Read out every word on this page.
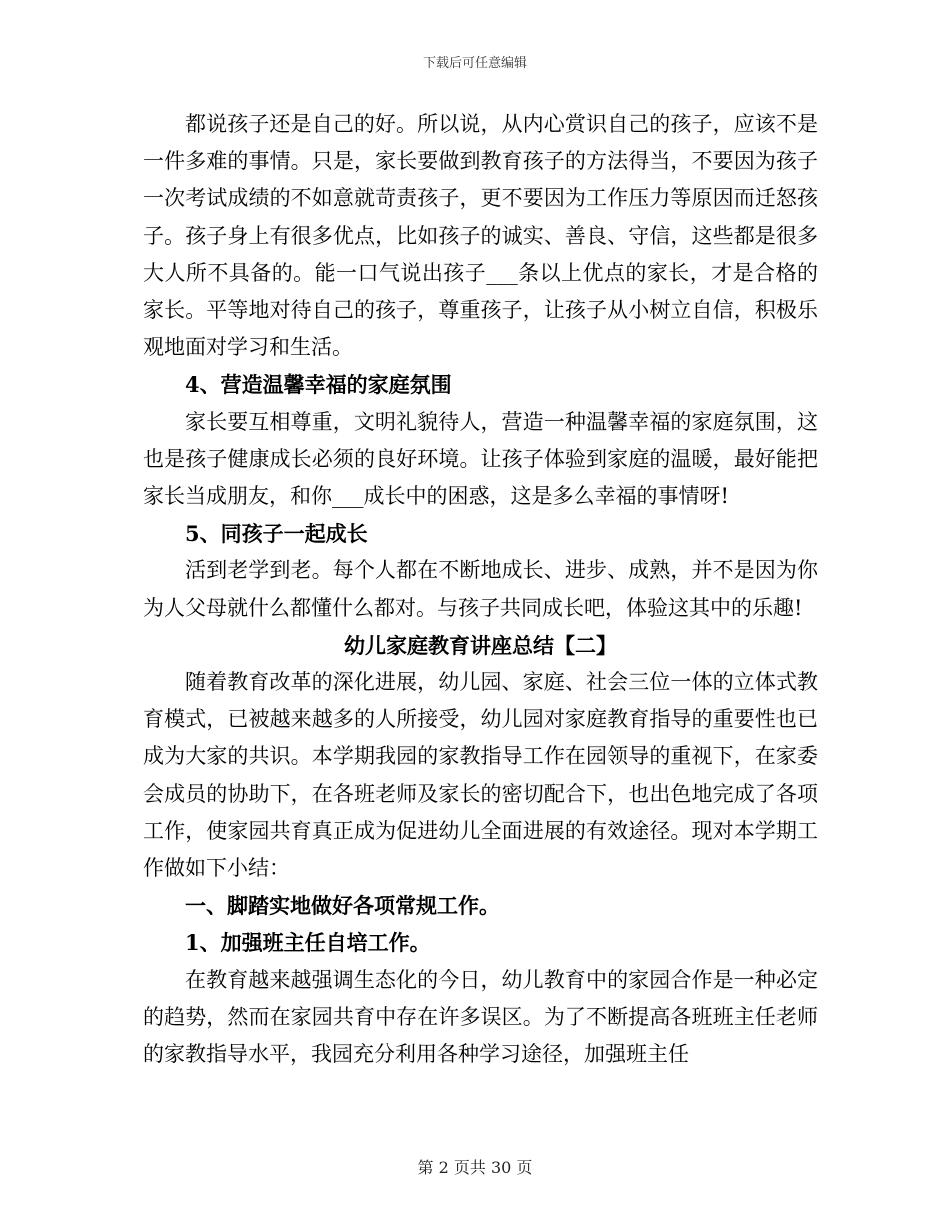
下载后可任意编辑

都说孩子还是自己的好。所以说，从内心赏识自己的孩子，应该不是一件多难的事情。只是，家长要做到教育孩子的方法得当，不要因为孩子一次考试成绩的不如意就苛责孩子，更不要因为工作压力等原因而迁怒孩子。孩子身上有很多优点，比如孩子的诚实、善良、守信，这些都是很多大人所不具备的。能一口气说出孩子___条以上优点的家长，才是合格的家长。平等地对待自己的孩子，尊重孩子，让孩子从小树立自信，积极乐观地面对学习和生活。

4、营造温馨幸福的家庭氛围

家长要互相尊重，文明礼貌待人，营造一种温馨幸福的家庭氛围，这也是孩子健康成长必须的良好环境。让孩子体验到家庭的温暖，最好能把家长当成朋友，和你___成长中的困惑，这是多么幸福的事情呀!

5、同孩子一起成长

活到老学到老。每个人都在不断地成长、进步、成熟，并不是因为你为人父母就什么都懂什么都对。与孩子共同成长吧，体验这其中的乐趣!

幼儿家庭教育讲座总结【二】

随着教育改革的深化进展，幼儿园、家庭、社会三位一体的立体式教育模式，已被越来越多的人所接受，幼儿园对家庭教育指导的重要性也已成为大家的共识。本学期我园的家教指导工作在园领导的重视下，在家委会成员的协助下，在各班老师及家长的密切配合下，也出色地完成了各项工作，使家园共育真正成为促进幼儿全面进展的有效途径。现对本学期工作做如下小结：

一、脚踏实地做好各项常规工作。

1、加强班主任自培工作。

在教育越来越强调生态化的今日，幼儿教育中的家园合作是一种必定的趋势，然而在家园共育中存在许多误区。为了不断提高各班班主任老师的家教指导水平，我园充分利用各种学习途径，加强班主任

第 2 页共 30 页
